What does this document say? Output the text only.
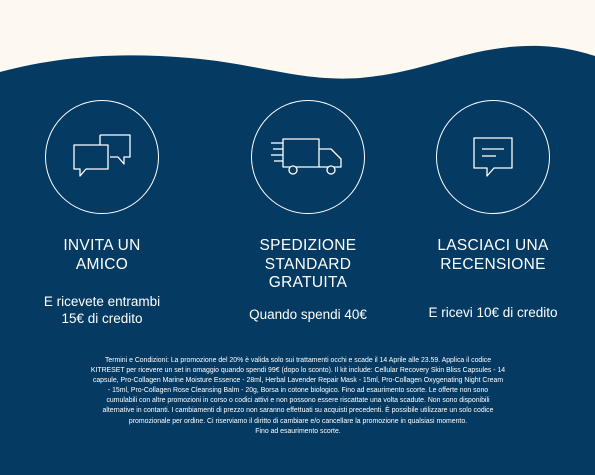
INVITA UN
AMICO
E ricevete entrambi
15€ di credito
SPEDIZIONE
STANDARD
GRATUITA
Quando spendi 40€
LASCIACI UNA
RECENSIONE
E ricevi 10€ di credito
Termini e Condizioni: La promozione del 20% è valida solo sui trattamenti occhi e scade il 14 Aprile alle 23.59. Applica il codice
KITRESET per ricevere un set in omaggio quando spendi 99€ (dopo lo sconto). Il kit include: Cellular Recovery Skin Bliss Capsules - 14
capsule, Pro-Collagen Marine Moisture Essence - 28ml, Herbal Lavender Repair Mask - 15ml, Pro-Collagen Oxygenating Night Cream
- 15ml, Pro-Collagen Rose Cleansing Balm - 20g, Borsa in cotone biologico. Fino ad esaurimento scorte. Le offerte non sono
cumulabili con altre promozioni in corso o codici attivi e non possono essere riscattate una volta scadute. Non sono disponibili
alternative in contanti. I cambiamenti di prezzo non saranno effettuati su acquisti precedenti. È possibile utilizzare un solo codice
promozionale per ordine. Ci riserviamo il diritto di cambiare e/o cancellare la promozione in qualsiasi momento.
Fino ad esaurimento scorte.
